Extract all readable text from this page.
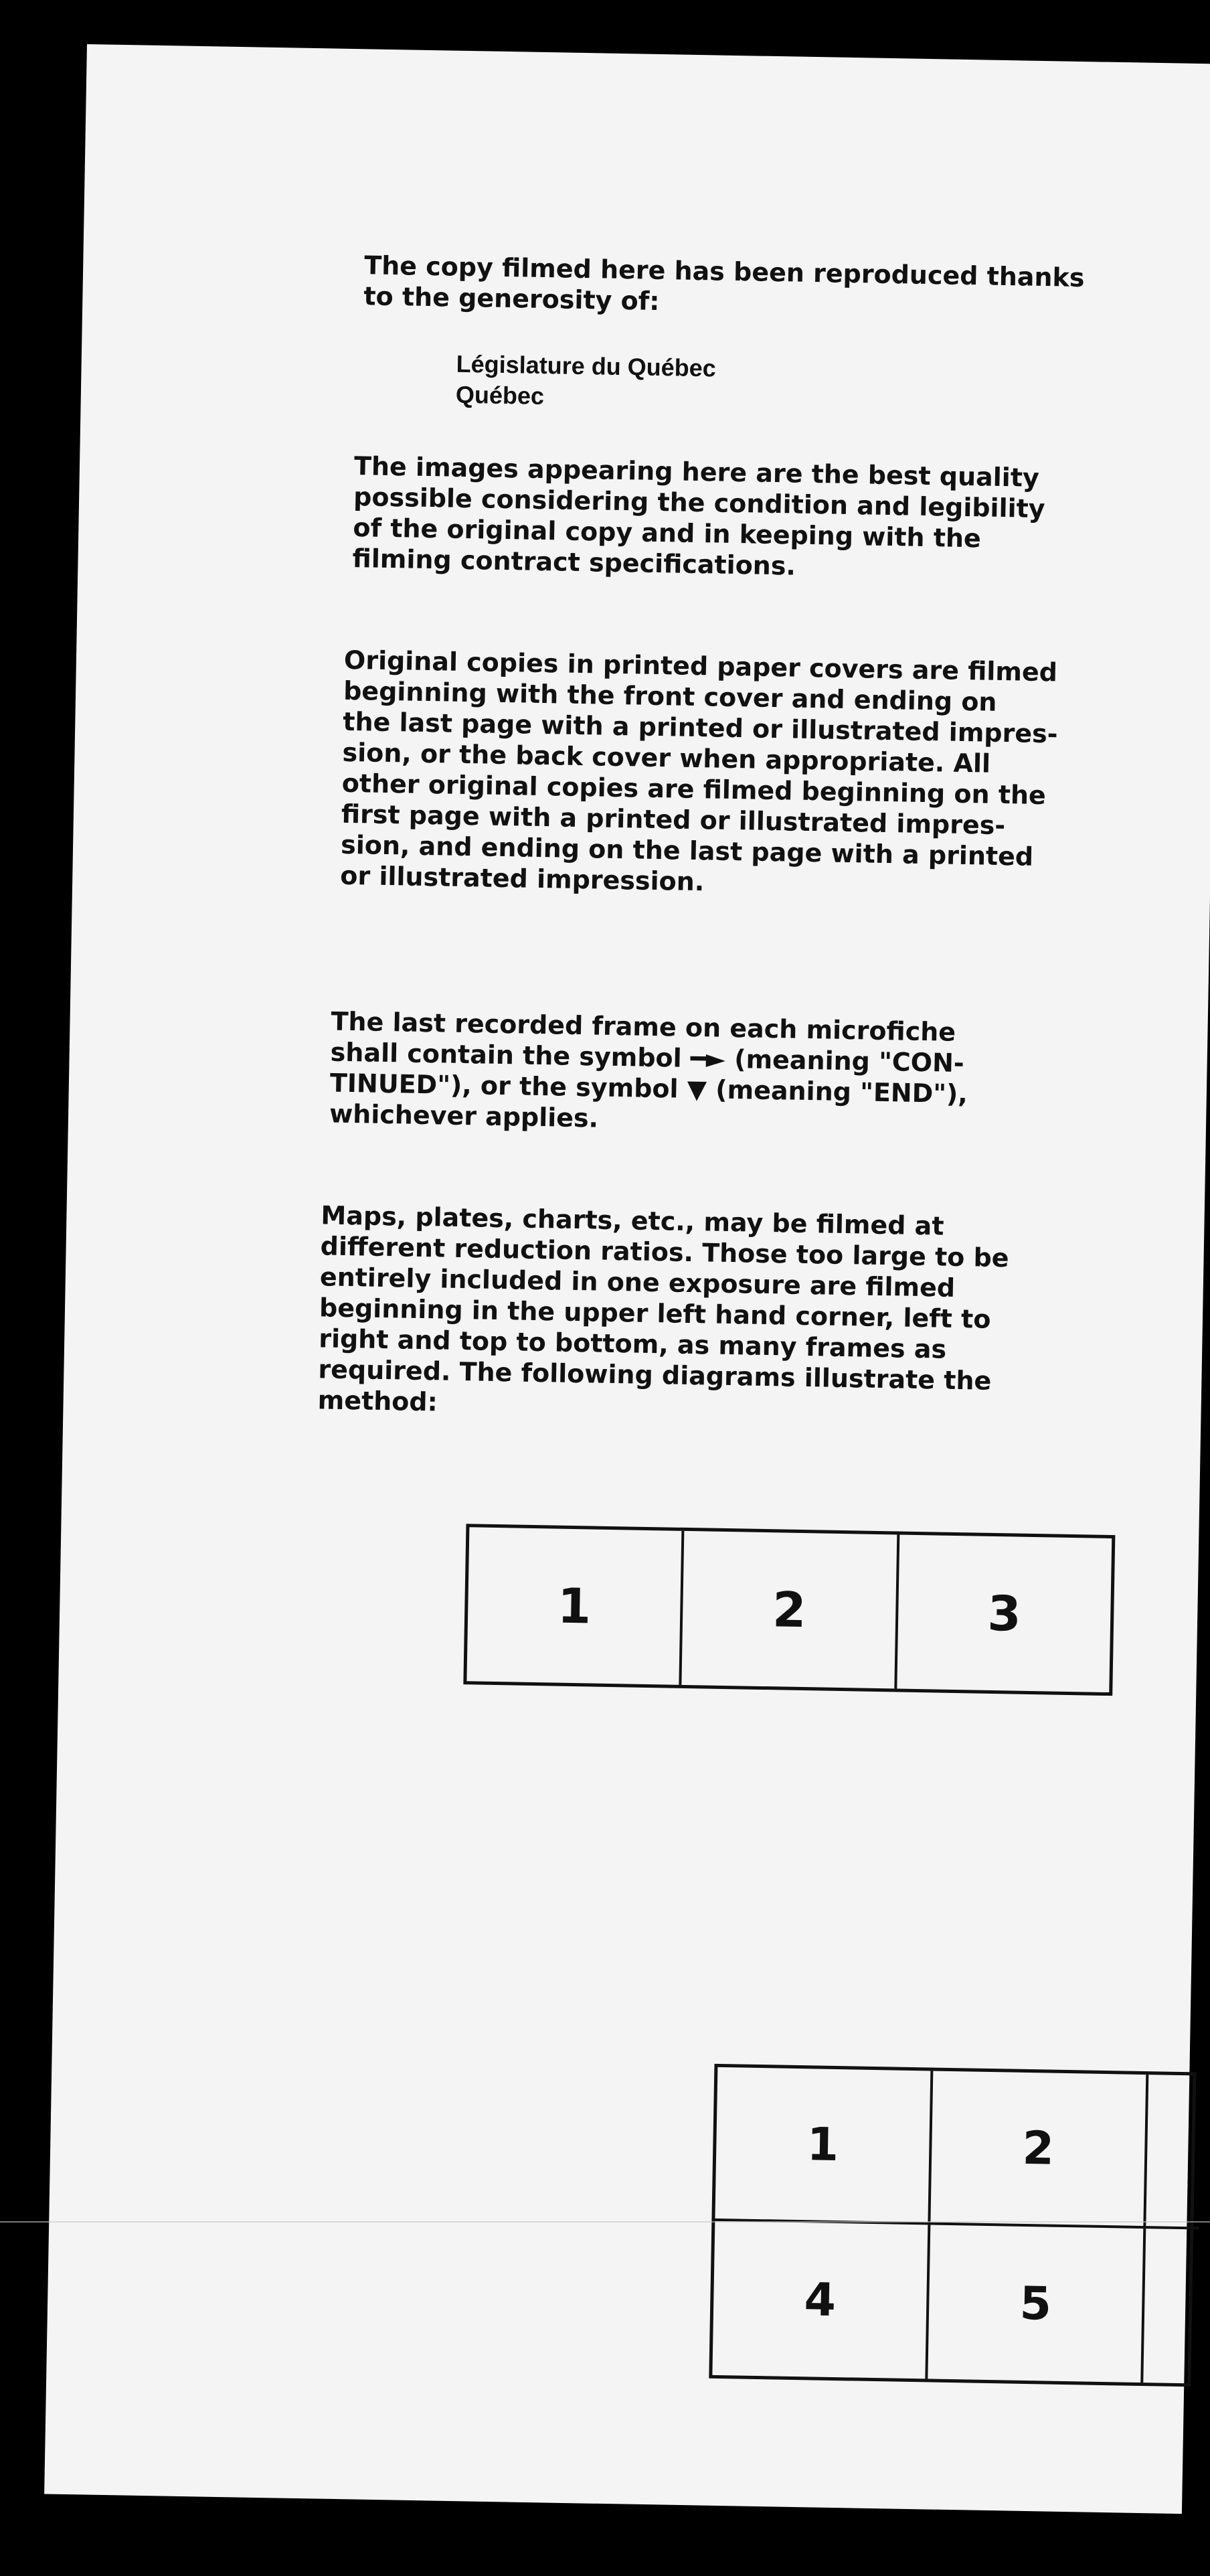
The copy filmed here has been reproduced thanks
to the generosity of:

Législature du Québec
Québec

The images appearing here are the best quality
possible considering the condition and legibility
of the original copy and in keeping with the
filming contract specifications.

Original copies in printed paper covers are filmed
beginning with the front cover and ending on
the last page with a printed or illustrated impres-
sion, or the back cover when appropriate. All
other original copies are filmed beginning on the
first page with a printed or illustrated impres-
sion, and ending on the last page with a printed
or illustrated impression.

The last recorded frame on each microfiche
shall contain the symbol ━► (meaning "CON-
TINUED"), or the symbol ▼ (meaning "END"),
whichever applies.

Maps, plates, charts, etc., may be filmed at
different reduction ratios. Those too large to be
entirely included in one exposure are filmed
beginning in the upper left hand corner, left to
right and top to bottom, as many frames as
required. The following diagrams illustrate the
method:

1	2	3
1	2
4	5
